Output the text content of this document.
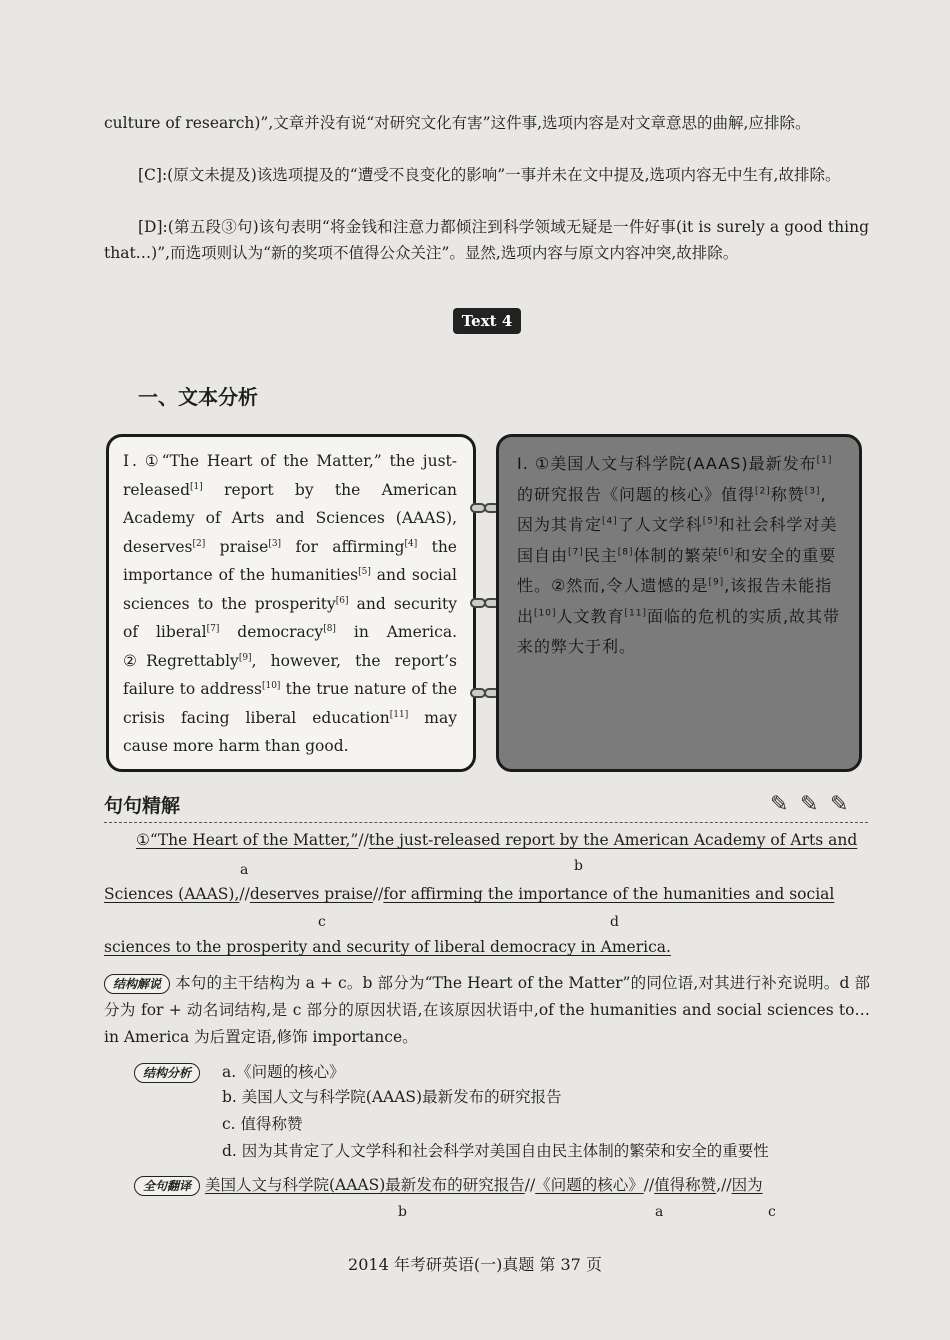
culture of research)”,文章并没有说“对研究文化有害”这件事,选项内容是对文章意思的曲解,应排除。
[C]:(原文未提及)该选项提及的“遭受不良变化的影响”一事并未在文中提及,选项内容无中生有,故排除。
[D]:(第五段③句)该句表明“将金钱和注意力都倾注到科学领域无疑是一件好事(it is surely a good thing that…)”,而选项则认为“新的奖项不值得公众关注”。显然,选项内容与原文内容冲突,故排除。
Text 4
一、文本分析
Ⅰ. ①“The Heart of the Matter,” the just-released[1] report by the American Academy of Arts and Sciences (AAAS), deserves[2] praise[3] for affirming[4] the importance of the humanities[5] and social sciences to the prosperity[6] and security of liberal[7] democracy[8] in America. ②Regrettably[9], however, the report’s failure to address[10] the true nature of the crisis facing liberal education[11] may cause more harm than good.
Ⅰ. ①美国人文与科学院(AAAS)最新发布[1]的研究报告《问题的核心》值得[2]称赞[3],因为其肯定[4]了人文学科[5]和社会科学对美国自由[7]民主[8]体制的繁荣[6]和安全的重要性。②然而,令人遗憾的是[9],该报告未能指出[10]人文教育[11]面临的危机的实质,故其带来的弊大于利。
句句精解	✎ ✎ ✎
①“The Heart of the Matter,”//the just-released report by the American Academy of Arts and
a	b
Sciences (AAAS),//deserves praise//for affirming the importance of the humanities and social
c	d
sciences to the prosperity and security of liberal democracy in America.
结构解说 本句的主干结构为 a + c。b 部分为“The Heart of the Matter”的同位语,对其进行补充说明。d 部分为 for + 动名词结构,是 c 部分的原因状语,在该原因状语中,of the humanities and social sciences to…in America 为后置定语,修饰 importance。
结构分析	a.《问题的核心》
b. 美国人文与科学院(AAAS)最新发布的研究报告
c. 值得称赞
d. 因为其肯定了人文学科和社会科学对美国自由民主体制的繁荣和安全的重要性
全句翻译 美国人文与科学院(AAAS)最新发布的研究报告//《问题的核心》//值得称赞,//因为
b	a	c
2014 年考研英语(一)真题 第 37 页
